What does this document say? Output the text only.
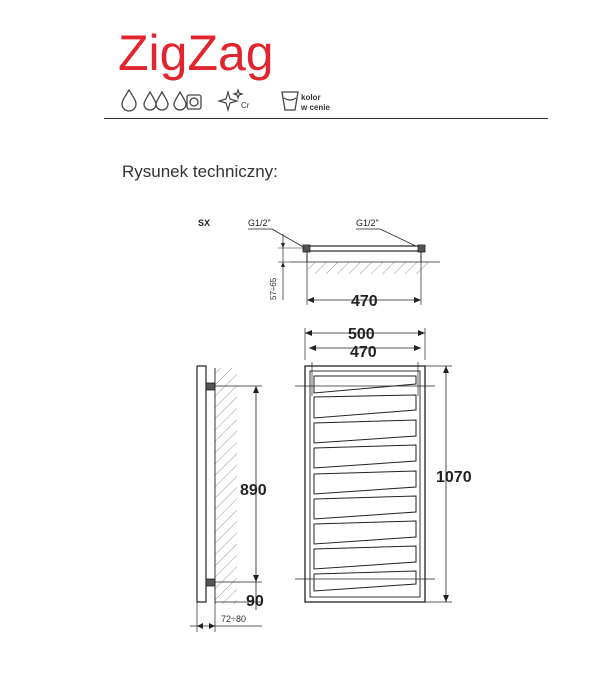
ZigZag
Cr
kolor
w cenie
Rysunek techniczny:
SX	G1/2"	G1/2"
57÷65
470
500
470
1070
890
90
72÷80
